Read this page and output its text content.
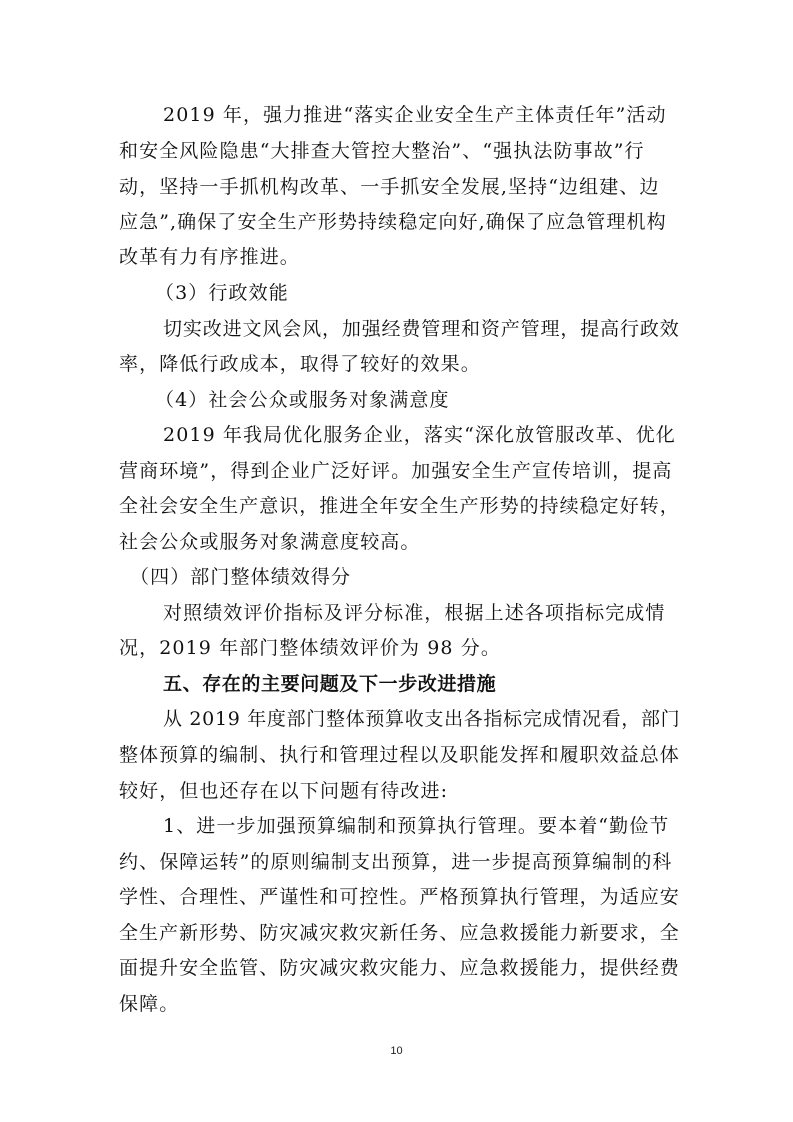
2019 年，强力推进“落实企业安全生产主体责任年”活动
和安全风险隐患“大排查大管控大整治”、“强执法防事故”行
动，坚持一手抓机构改革、一手抓安全发展,坚持“边组建、边
应急”,确保了安全生产形势持续稳定向好,确保了应急管理机构
改革有力有序推进。
（3）行政效能
切实改进文风会风，加强经费管理和资产管理，提高行政效
率，降低行政成本，取得了较好的效果。
（4）社会公众或服务对象满意度
2019 年我局优化服务企业，落实“深化放管服改革、优化
营商环境”，得到企业广泛好评。加强安全生产宣传培训，提高
全社会安全生产意识，推进全年安全生产形势的持续稳定好转，
社会公众或服务对象满意度较高。
（四）部门整体绩效得分
对照绩效评价指标及评分标准，根据上述各项指标完成情
况，2019 年部门整体绩效评价为 98 分。
五、存在的主要问题及下一步改进措施
从 2019 年度部门整体预算收支出各指标完成情况看，部门
整体预算的编制、执行和管理过程以及职能发挥和履职效益总体
较好，但也还存在以下问题有待改进:
1、进一步加强预算编制和预算执行管理。要本着“勤俭节
约、保障运转”的原则编制支出预算，进一步提高预算编制的科
学性、合理性、严谨性和可控性。严格预算执行管理，为适应安
全生产新形势、防灾减灾救灾新任务、应急救援能力新要求，全
面提升安全监管、防灾减灾救灾能力、应急救援能力，提供经费
保障。
10
